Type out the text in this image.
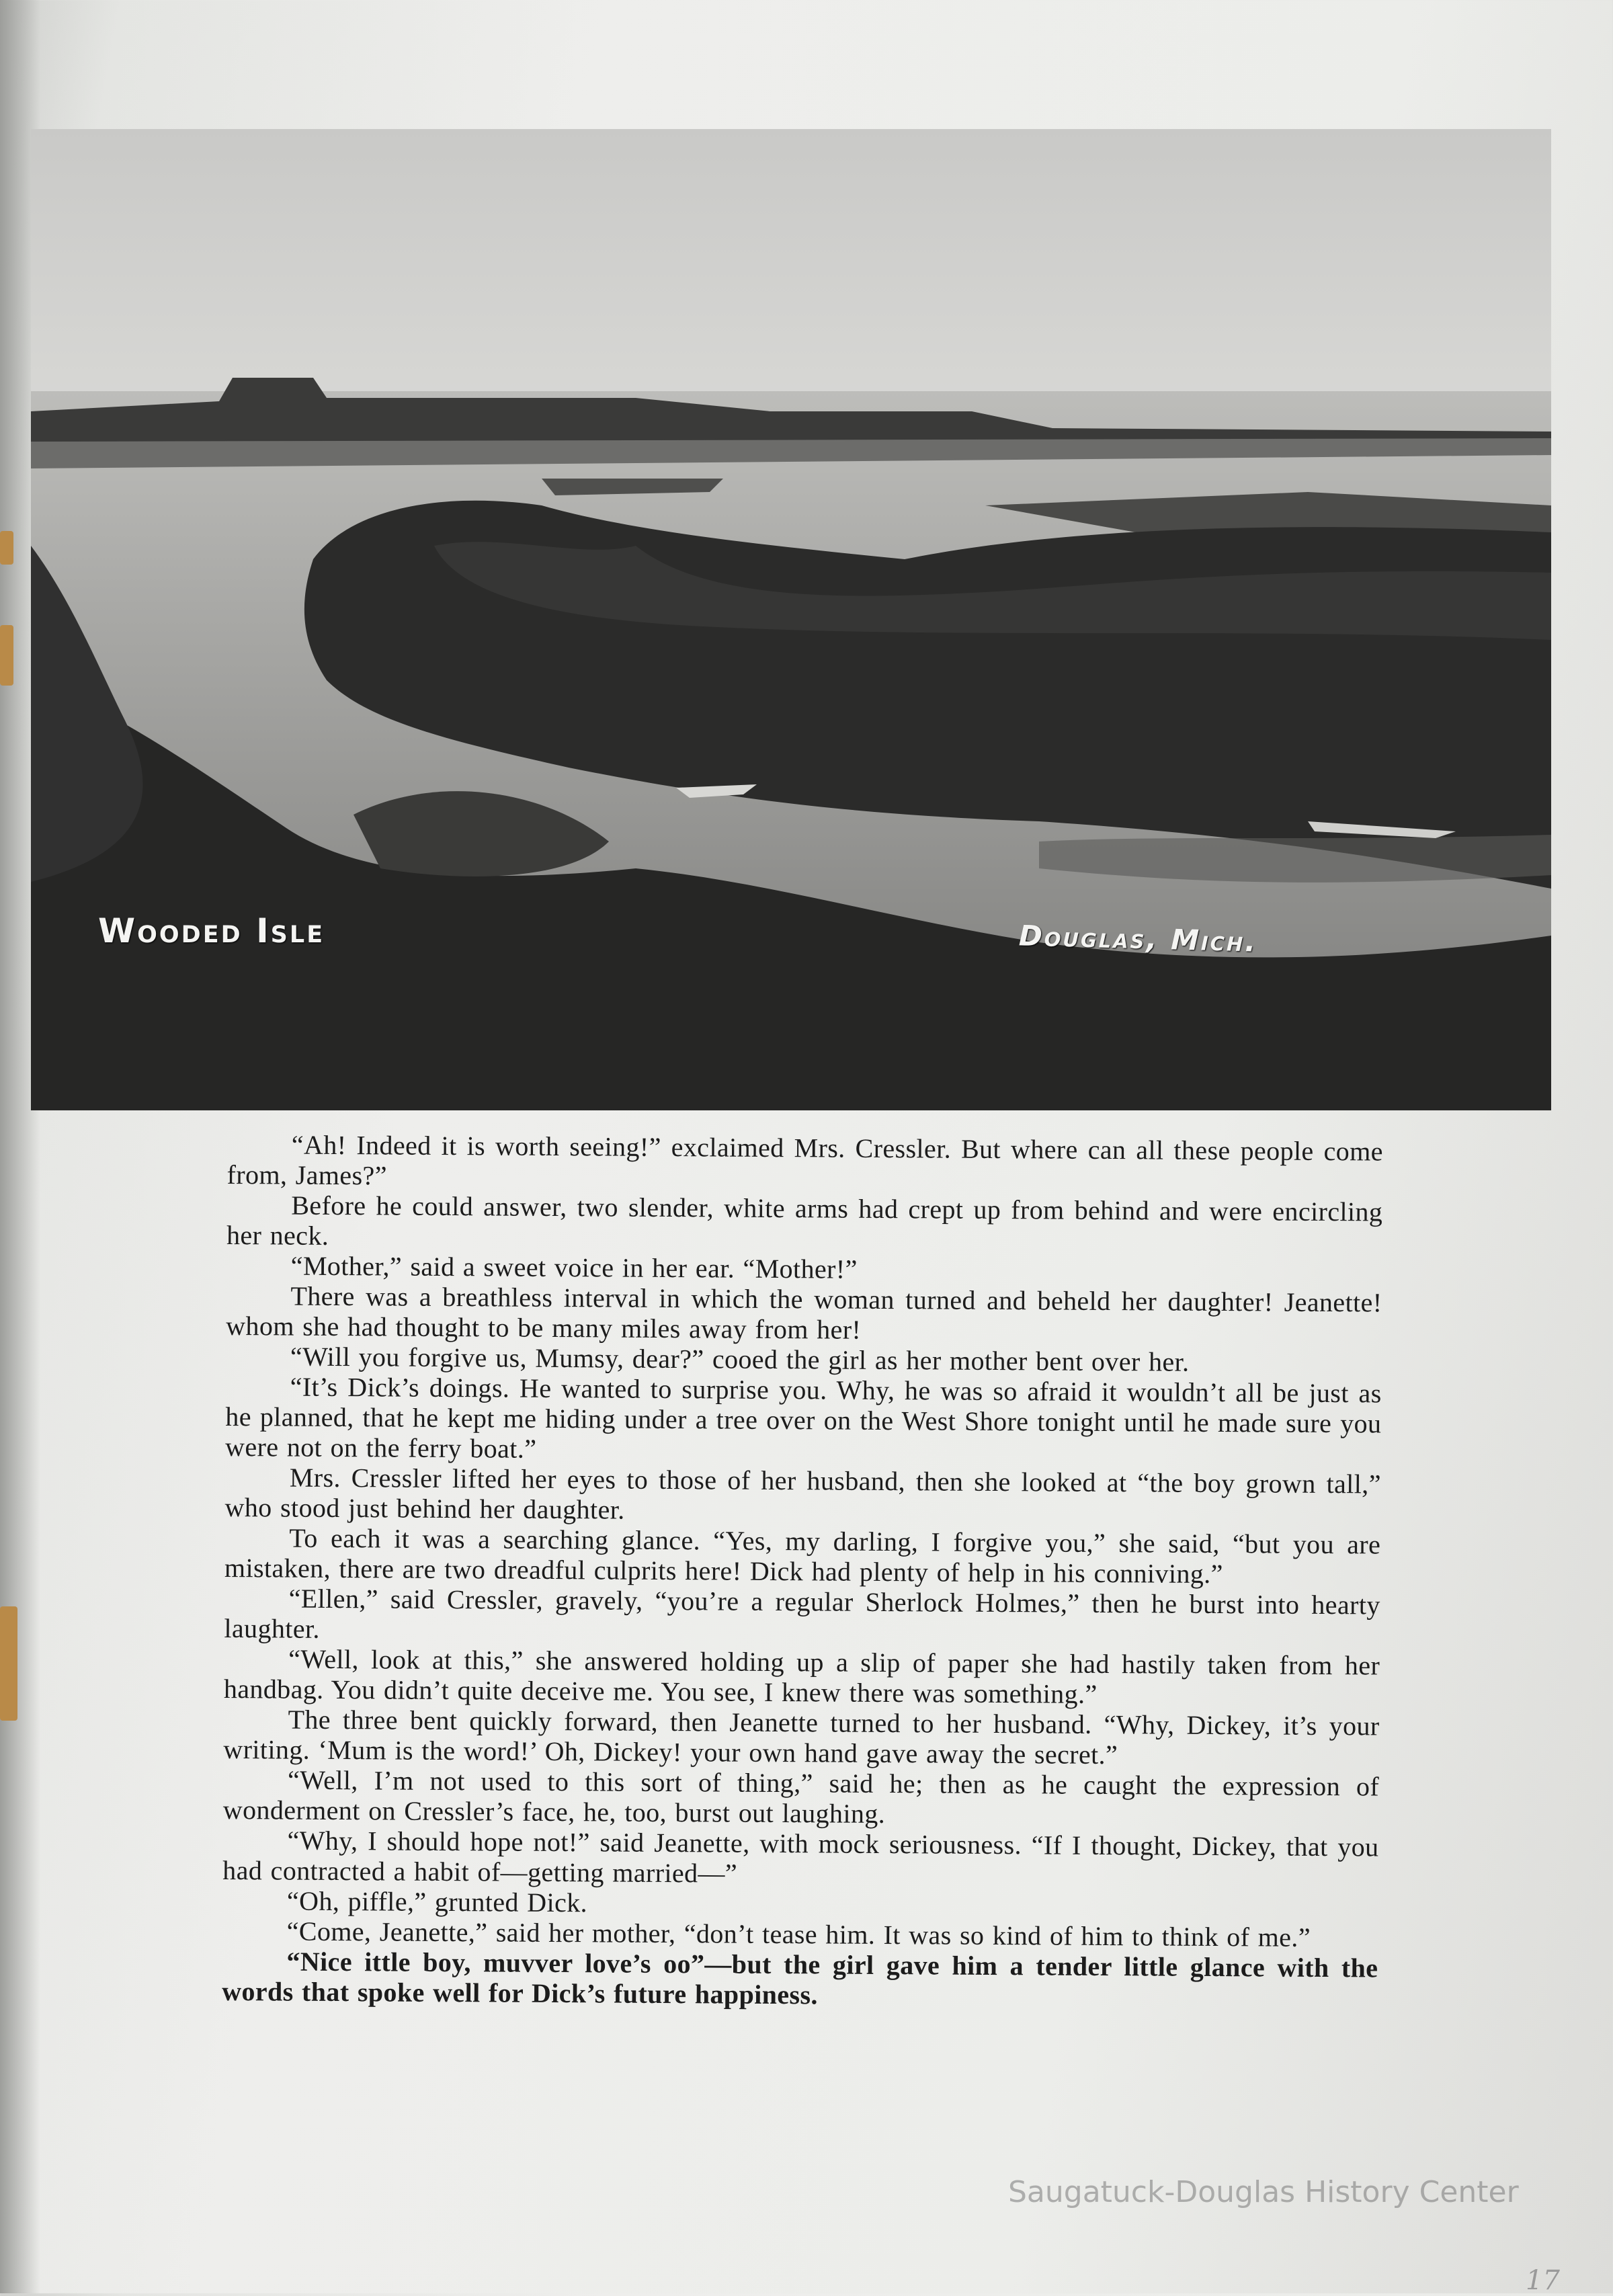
Wooded Isle	Douglas, Mich.

“Ah! Indeed it is worth seeing!” exclaimed Mrs. Cressler. But where can all these people come from, James?”

Before he could answer, two slender, white arms had crept up from behind and were encircling her neck.

“Mother,” said a sweet voice in her ear. “Mother!”

There was a breathless interval in which the woman turned and beheld her daughter! Jeanette! whom she had thought to be many miles away from her!

“Will you forgive us, Mumsy, dear?” cooed the girl as her mother bent over her.

“It’s Dick’s doings. He wanted to surprise you. Why, he was so afraid it wouldn’t all be just as he planned, that he kept me hiding under a tree over on the West Shore tonight until he made sure you were not on the ferry boat.”

Mrs. Cressler lifted her eyes to those of her husband, then she looked at “the boy grown tall,” who stood just behind her daughter.

To each it was a searching glance. “Yes, my darling, I forgive you,” she said, “but you are mistaken, there are two dreadful culprits here! Dick had plenty of help in his conniving.”

“Ellen,” said Cressler, gravely, “you’re a regular Sherlock Holmes,” then he burst into hearty laughter.

“Well, look at this,” she answered holding up a slip of paper she had hastily taken from her handbag. You didn’t quite deceive me. You see, I knew there was something.”

The three bent quickly forward, then Jeanette turned to her husband. “Why, Dickey, it’s your writing. ‘Mum is the word!’ Oh, Dickey! your own hand gave away the secret.”

“Well, I’m not used to this sort of thing,” said he; then as he caught the expression of wonderment on Cressler’s face, he, too, burst out laughing.

“Why, I should hope not!” said Jeanette, with mock seriousness. “If I thought, Dickey, that you had contracted a habit of—getting married—”

“Oh, piffle,” grunted Dick.

“Come, Jeanette,” said her mother, “don’t tease him. It was so kind of him to think of me.”

“Nice ittle boy, muvver love’s oo”—but the girl gave him a tender little glance with the words that spoke well for Dick’s future happiness.

Saugatuck-Douglas History Center
17
